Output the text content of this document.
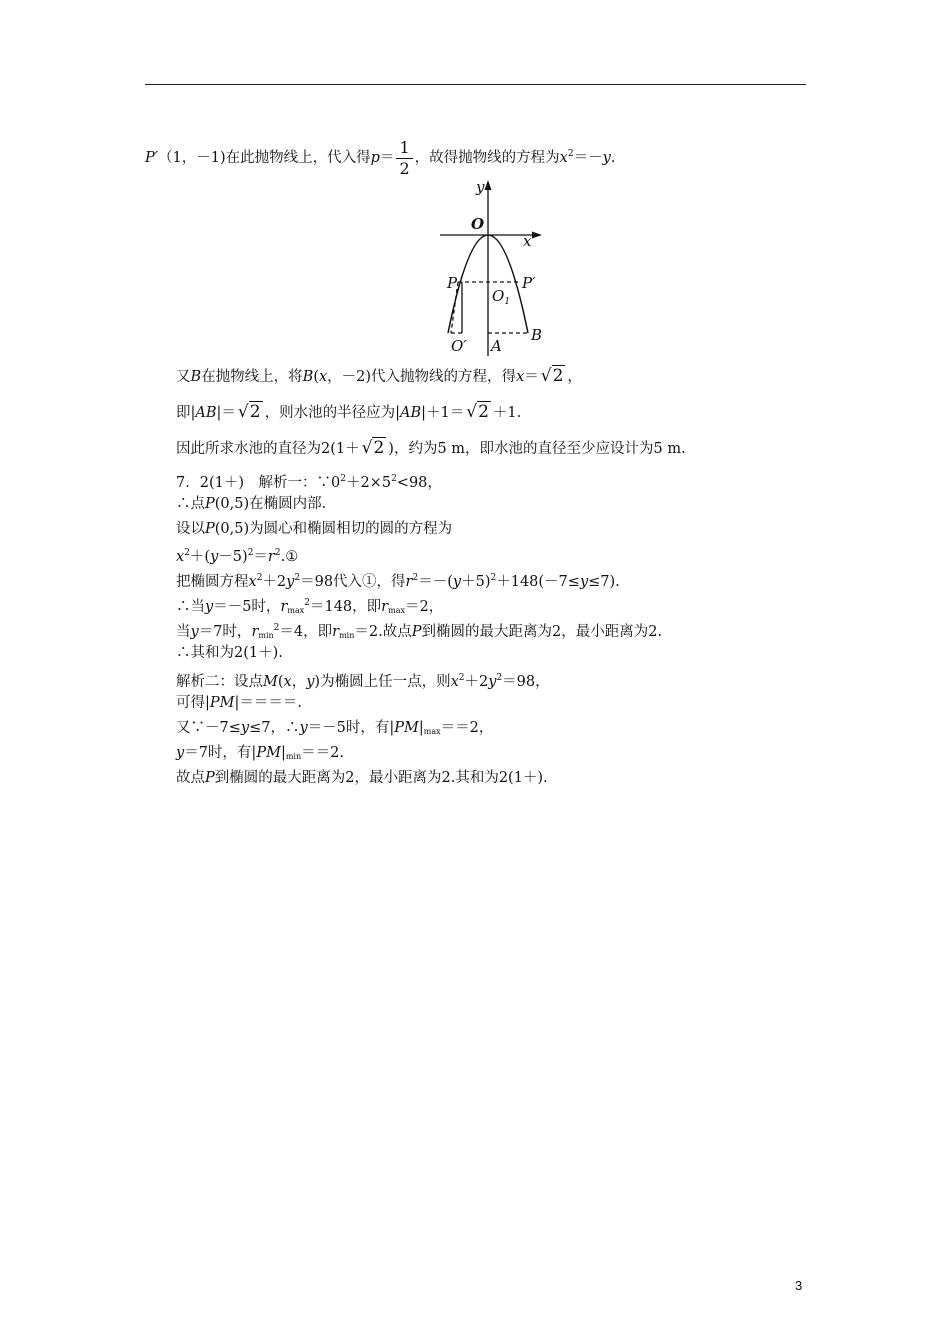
P′（1，－1)在此抛物线上，代入得$p= \frac{1}{2}$ ，故得抛物线的方程为$x^2=-y$.
y
O
x
P	P′
$O_1$
O′ A
B
又B在抛物线上，将B(x，－2)代入抛物线的方程，得x＝ √2 ，
即|AB|＝ √2 ，则水池的半径应为|AB|＋1＝ √2 ＋1.
因此所求水池的直径为2(1＋ √2 )，约为5 m，即水池的直径至少应设计为5 m.
7．2(1＋)　解析一：$\because 0^2+2\times 5^2<98$，
∴点P(0,5)在椭圆内部.
设以P(0,5)为圆心和椭圆相切的圆的方程为
$x^2+(y-5)^2=r^2.①$
把椭圆方程$x^2+2y^2=98$代入①，得$r^2=-(y+5)^2+148(-7\le y\le 7)$.
∴当y＝－5时，$r_{max}^2=148$，即$r_{max}=2$，
当y＝7时，$r_{min}^2=4$，即$r_{min}=2$.故点P到椭圆的最大距离为2，最小距离为2.
∴其和为2(1＋).
解析二：设点M(x，y)为椭圆上任一点，则$x^2+2y^2=98$，
可得|PM|＝＝＝＝.
又∵－7≤y≤7，∴y＝－5时，有$|PM|_{max}==2$，
y＝7时，有$|PM|_{min}==2$.
故点P到椭圆的最大距离为2，最小距离为2.其和为2(1＋).
3
